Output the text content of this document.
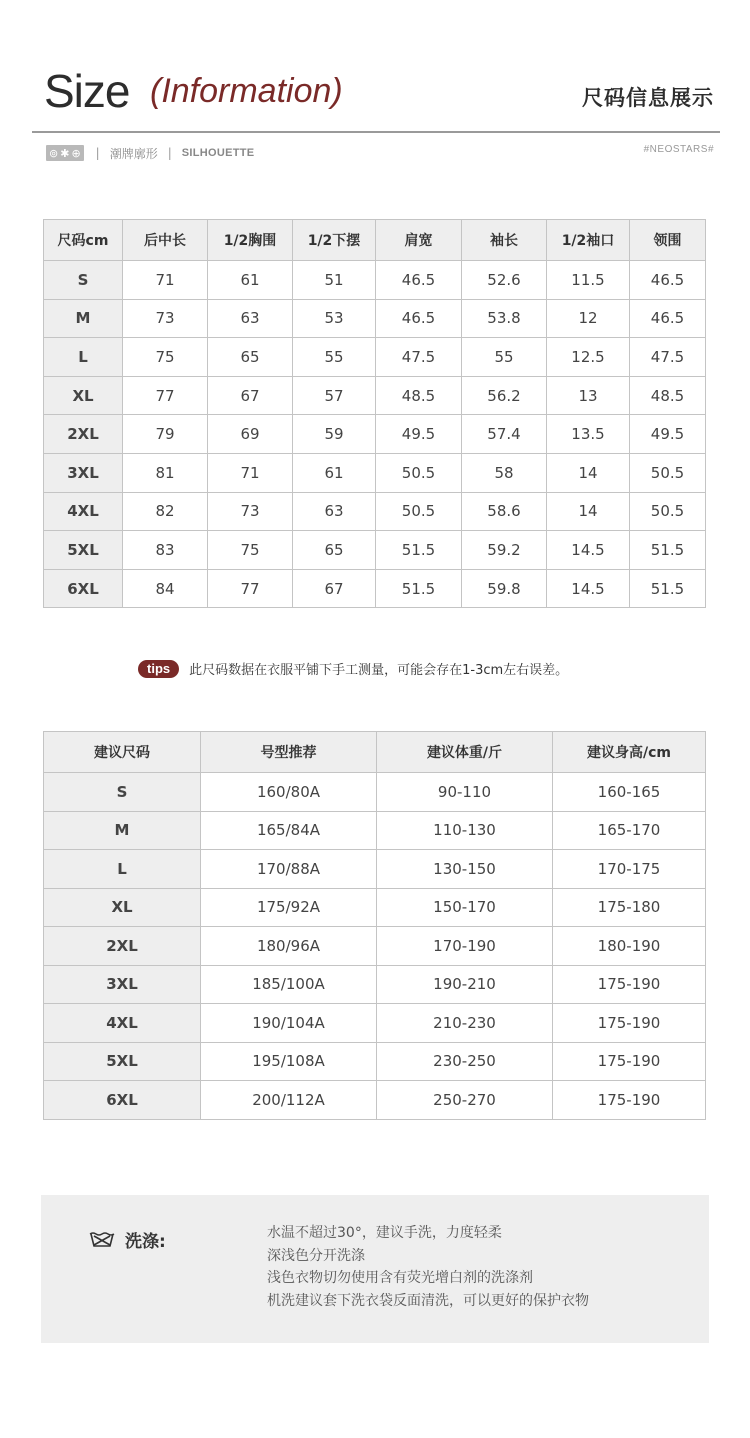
Size (Information)	尺码信息展示
⊚ ✱ ⊕ | 潮牌廓形 | SILHOUETTE	#NEOSTARS#
尺码cm	后中长	1/2胸围	1/2下摆	肩宽	袖长	1/2袖口	领围
S	71	61	51	46.5	52.6	11.5	46.5
M	73	63	53	46.5	53.8	12	46.5
L	75	65	55	47.5	55	12.5	47.5
XL	77	67	57	48.5	56.2	13	48.5
2XL	79	69	59	49.5	57.4	13.5	49.5
3XL	81	71	61	50.5	58	14	50.5
4XL	82	73	63	50.5	58.6	14	50.5
5XL	83	75	65	51.5	59.2	14.5	51.5
6XL	84	77	67	51.5	59.8	14.5	51.5
tips	此尺码数据在衣服平铺下手工测量，可能会存在1-3cm左右误差。
建议尺码	号型推荐	建议体重/斤	建议身高/cm
S	160/80A	90-110	160-165
M	165/84A	110-130	165-170
L	170/88A	130-150	170-175
XL	175/92A	150-170	175-180
2XL	180/96A	170-190	180-190
3XL	185/100A	190-210	175-190
4XL	190/104A	210-230	175-190
5XL	195/108A	230-250	175-190
6XL	200/112A	250-270	175-190
洗涤:	水温不超过30°，建议手洗，力度轻柔
深浅色分开洗涤
浅色衣物切勿使用含有荧光增白剂的洗涤剂
机洗建议套下洗衣袋反面清洗，可以更好的保护衣物
